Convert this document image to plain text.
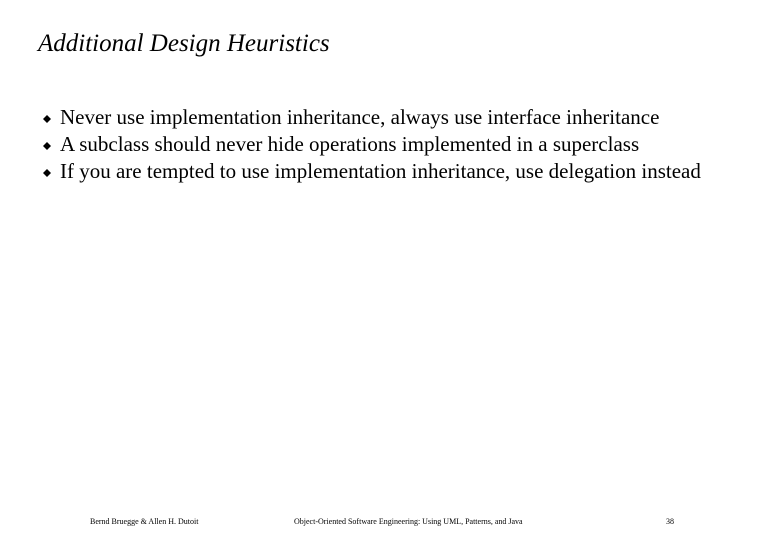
Additional Design Heuristics
Never use implementation inheritance, always use interface inheritance
A subclass should never hide operations implemented in a superclass
If you are tempted to use implementation inheritance, use delegation instead
Bernd Bruegge & Allen H. Dutoit	Object-Oriented Software Engineering: Using UML, Patterns, and Java	38
